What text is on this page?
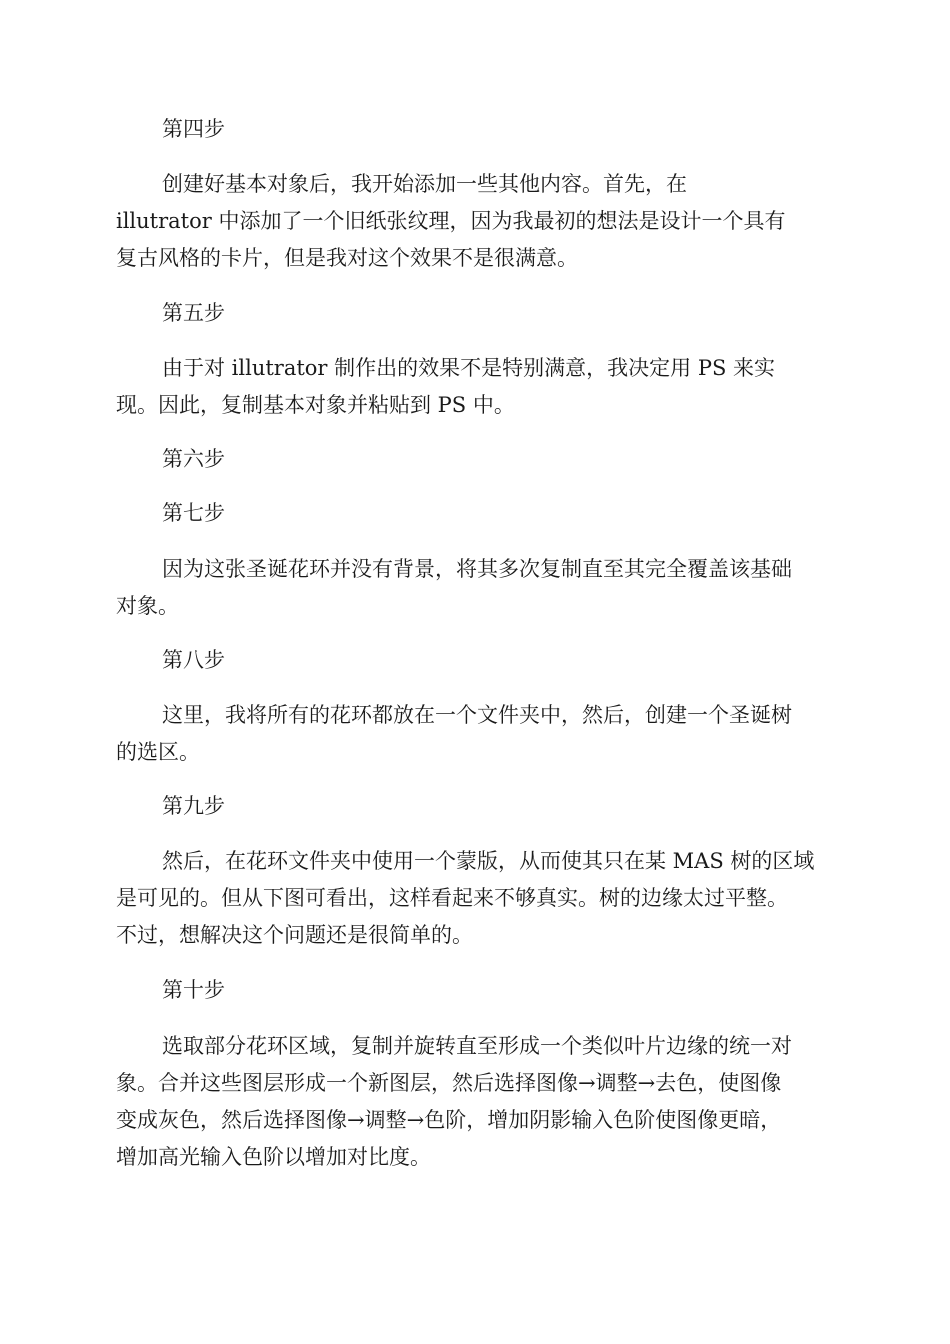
第四步
创建好基本对象后，我开始添加一些其他内容。首先，在
illutrator 中添加了一个旧纸张纹理，因为我最初的想法是设计一个具有
复古风格的卡片，但是我对这个效果不是很满意。
第五步
由于对 illutrator 制作出的效果不是特别满意，我决定用 PS 来实
现。因此，复制基本对象并粘贴到 PS 中。
第六步
第七步
因为这张圣诞花环并没有背景，将其多次复制直至其完全覆盖该基础
对象。
第八步
这里，我将所有的花环都放在一个文件夹中，然后，创建一个圣诞树
的选区。
第九步
然后，在花环文件夹中使用一个蒙版，从而使其只在某 MAS 树的区域
是可见的。但从下图可看出，这样看起来不够真实。树的边缘太过平整。
不过，想解决这个问题还是很简单的。
第十步
选取部分花环区域，复制并旋转直至形成一个类似叶片边缘的统一对
象。合并这些图层形成一个新图层，然后选择图像→调整→去色，使图像
变成灰色，然后选择图像→调整→色阶，增加阴影输入色阶使图像更暗，
增加高光输入色阶以增加对比度。
